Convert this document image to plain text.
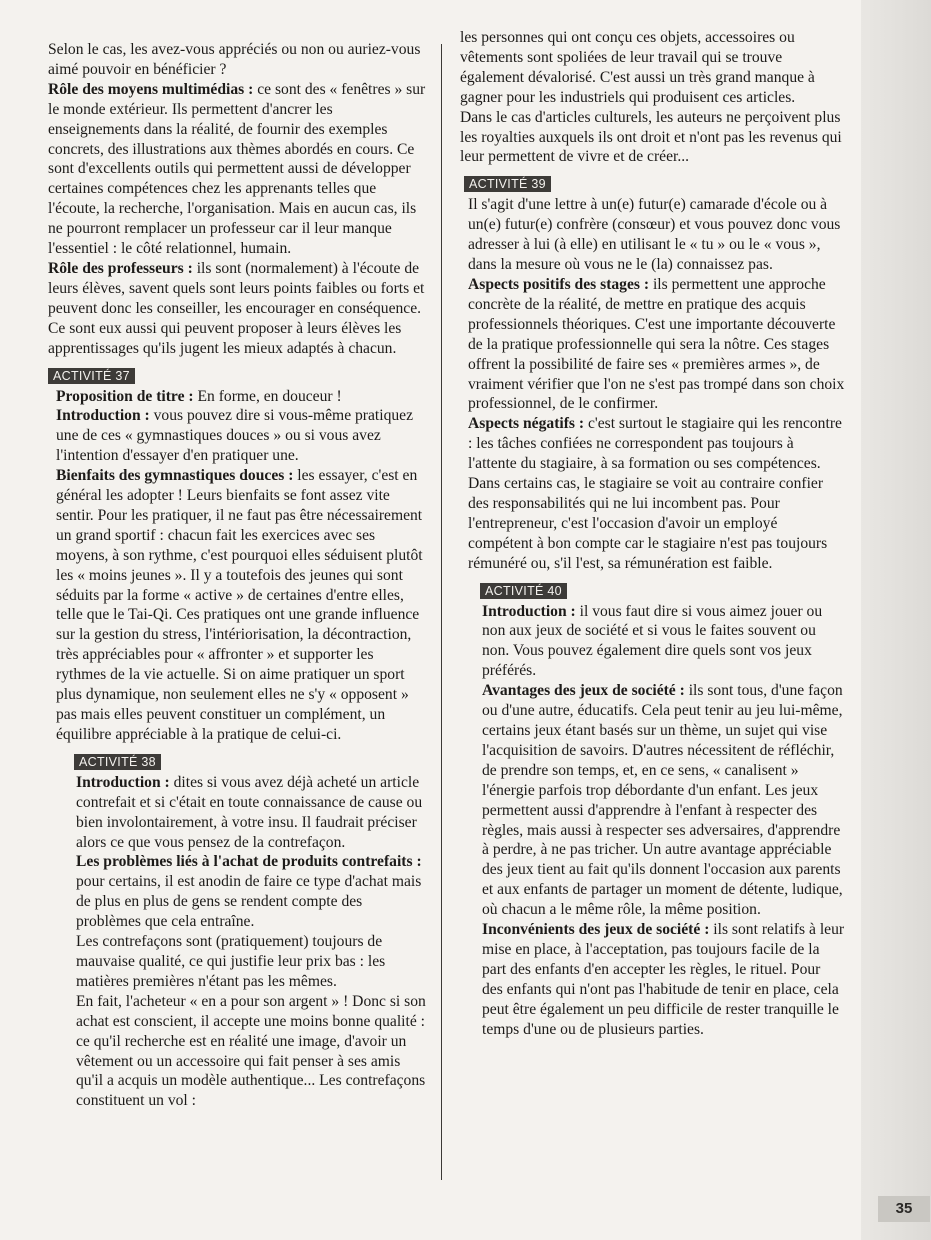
Selon le cas, les avez-vous appréciés ou non ou auriez-vous aimé pouvoir en bénéficier ?

Rôle des moyens multimédias : ce sont des « fenêtres » sur le monde extérieur. Ils permettent d'ancrer les enseignements dans la réalité, de fournir des exemples concrets, des illustrations aux thèmes abordés en cours. Ce sont d'excellents outils qui permettent aussi de développer certaines compétences chez les apprenants telles que l'écoute, la recherche, l'organisation. Mais en aucun cas, ils ne pourront remplacer un professeur car il leur manque l'essentiel : le côté relationnel, humain.

Rôle des professeurs : ils sont (normalement) à l'écoute de leurs élèves, savent quels sont leurs points faibles ou forts et peuvent donc les conseiller, les encourager en conséquence. Ce sont eux aussi qui peuvent proposer à leurs élèves les apprentissages qu'ils jugent les mieux adaptés à chacun.

ACTIVITÉ 37

Proposition de titre : En forme, en douceur !

Introduction : vous pouvez dire si vous-même pratiquez une de ces « gymnastiques douces » ou si vous avez l'intention d'essayer d'en pratiquer une.

Bienfaits des gymnastiques douces : les essayer, c'est en général les adopter ! Leurs bienfaits se font assez vite sentir. Pour les pratiquer, il ne faut pas être nécessairement un grand sportif : chacun fait les exercices avec ses moyens, à son rythme, c'est pourquoi elles séduisent plutôt les « moins jeunes ». Il y a toutefois des jeunes qui sont séduits par la forme « active » de certaines d'entre elles, telle que le Tai-Qi. Ces pratiques ont une grande influence sur la gestion du stress, l'intériorisation, la décontraction, très appréciables pour « affronter » et supporter les rythmes de la vie actuelle. Si on aime pratiquer un sport plus dynamique, non seulement elles ne s'y « opposent » pas mais elles peuvent constituer un complément, un équilibre appréciable à la pratique de celui-ci.

ACTIVITÉ 38

Introduction : dites si vous avez déjà acheté un article contrefait et si c'était en toute connaissance de cause ou bien involontairement, à votre insu. Il faudrait préciser alors ce que vous pensez de la contrefaçon.

Les problèmes liés à l'achat de produits contrefaits : pour certains, il est anodin de faire ce type d'achat mais de plus en plus de gens se rendent compte des problèmes que cela entraîne.

Les contrefaçons sont (pratiquement) toujours de mauvaise qualité, ce qui justifie leur prix bas : les matières premières n'étant pas les mêmes.

En fait, l'acheteur « en a pour son argent » ! Donc si son achat est conscient, il accepte une moins bonne qualité : ce qu'il recherche est en réalité une image, d'avoir un vêtement ou un accessoire qui fait penser à ses amis qu'il a acquis un modèle authentique... Les contrefaçons constituent un vol :

les personnes qui ont conçu ces objets, accessoires ou vêtements sont spoliées de leur travail qui se trouve également dévalorisé. C'est aussi un très grand manque à gagner pour les industriels qui produisent ces articles.

Dans le cas d'articles culturels, les auteurs ne perçoivent plus les royalties auxquels ils ont droit et n'ont pas les revenus qui leur permettent de vivre et de créer...

ACTIVITÉ 39

Il s'agit d'une lettre à un(e) futur(e) camarade d'école ou à un(e) futur(e) confrère (consœur) et vous pouvez donc vous adresser à lui (à elle) en utilisant le « tu » ou le « vous », dans la mesure où vous ne le (la) connaissez pas.

Aspects positifs des stages : ils permettent une approche concrète de la réalité, de mettre en pratique des acquis professionnels théoriques. C'est une importante découverte de la pratique professionnelle qui sera la nôtre. Ces stages offrent la possibilité de faire ses « premières armes », de vraiment vérifier que l'on ne s'est pas trompé dans son choix professionnel, de le confirmer.

Aspects négatifs : c'est surtout le stagiaire qui les rencontre : les tâches confiées ne correspondent pas toujours à l'attente du stagiaire, à sa formation ou ses compétences. Dans certains cas, le stagiaire se voit au contraire confier des responsabilités qui ne lui incombent pas. Pour l'entrepreneur, c'est l'occasion d'avoir un employé compétent à bon compte car le stagiaire n'est pas toujours rémunéré ou, s'il l'est, sa rémunération est faible.

ACTIVITÉ 40

Introduction : il vous faut dire si vous aimez jouer ou non aux jeux de société et si vous le faites souvent ou non. Vous pouvez également dire quels sont vos jeux préférés.

Avantages des jeux de société : ils sont tous, d'une façon ou d'une autre, éducatifs. Cela peut tenir au jeu lui-même, certains jeux étant basés sur un thème, un sujet qui vise l'acquisition de savoirs. D'autres nécessitent de réfléchir, de prendre son temps, et, en ce sens, « canalisent » l'énergie parfois trop débordante d'un enfant. Les jeux permettent aussi d'apprendre à l'enfant à respecter des règles, mais aussi à respecter ses adversaires, d'apprendre à perdre, à ne pas tricher. Un autre avantage appréciable des jeux tient au fait qu'ils donnent l'occasion aux parents et aux enfants de partager un moment de détente, ludique, où chacun a le même rôle, la même position.

Inconvénients des jeux de société : ils sont relatifs à leur mise en place, à l'acceptation, pas toujours facile de la part des enfants d'en accepter les règles, le rituel. Pour des enfants qui n'ont pas l'habitude de tenir en place, cela peut être également un peu difficile de rester tranquille le temps d'une ou de plusieurs parties.

35
